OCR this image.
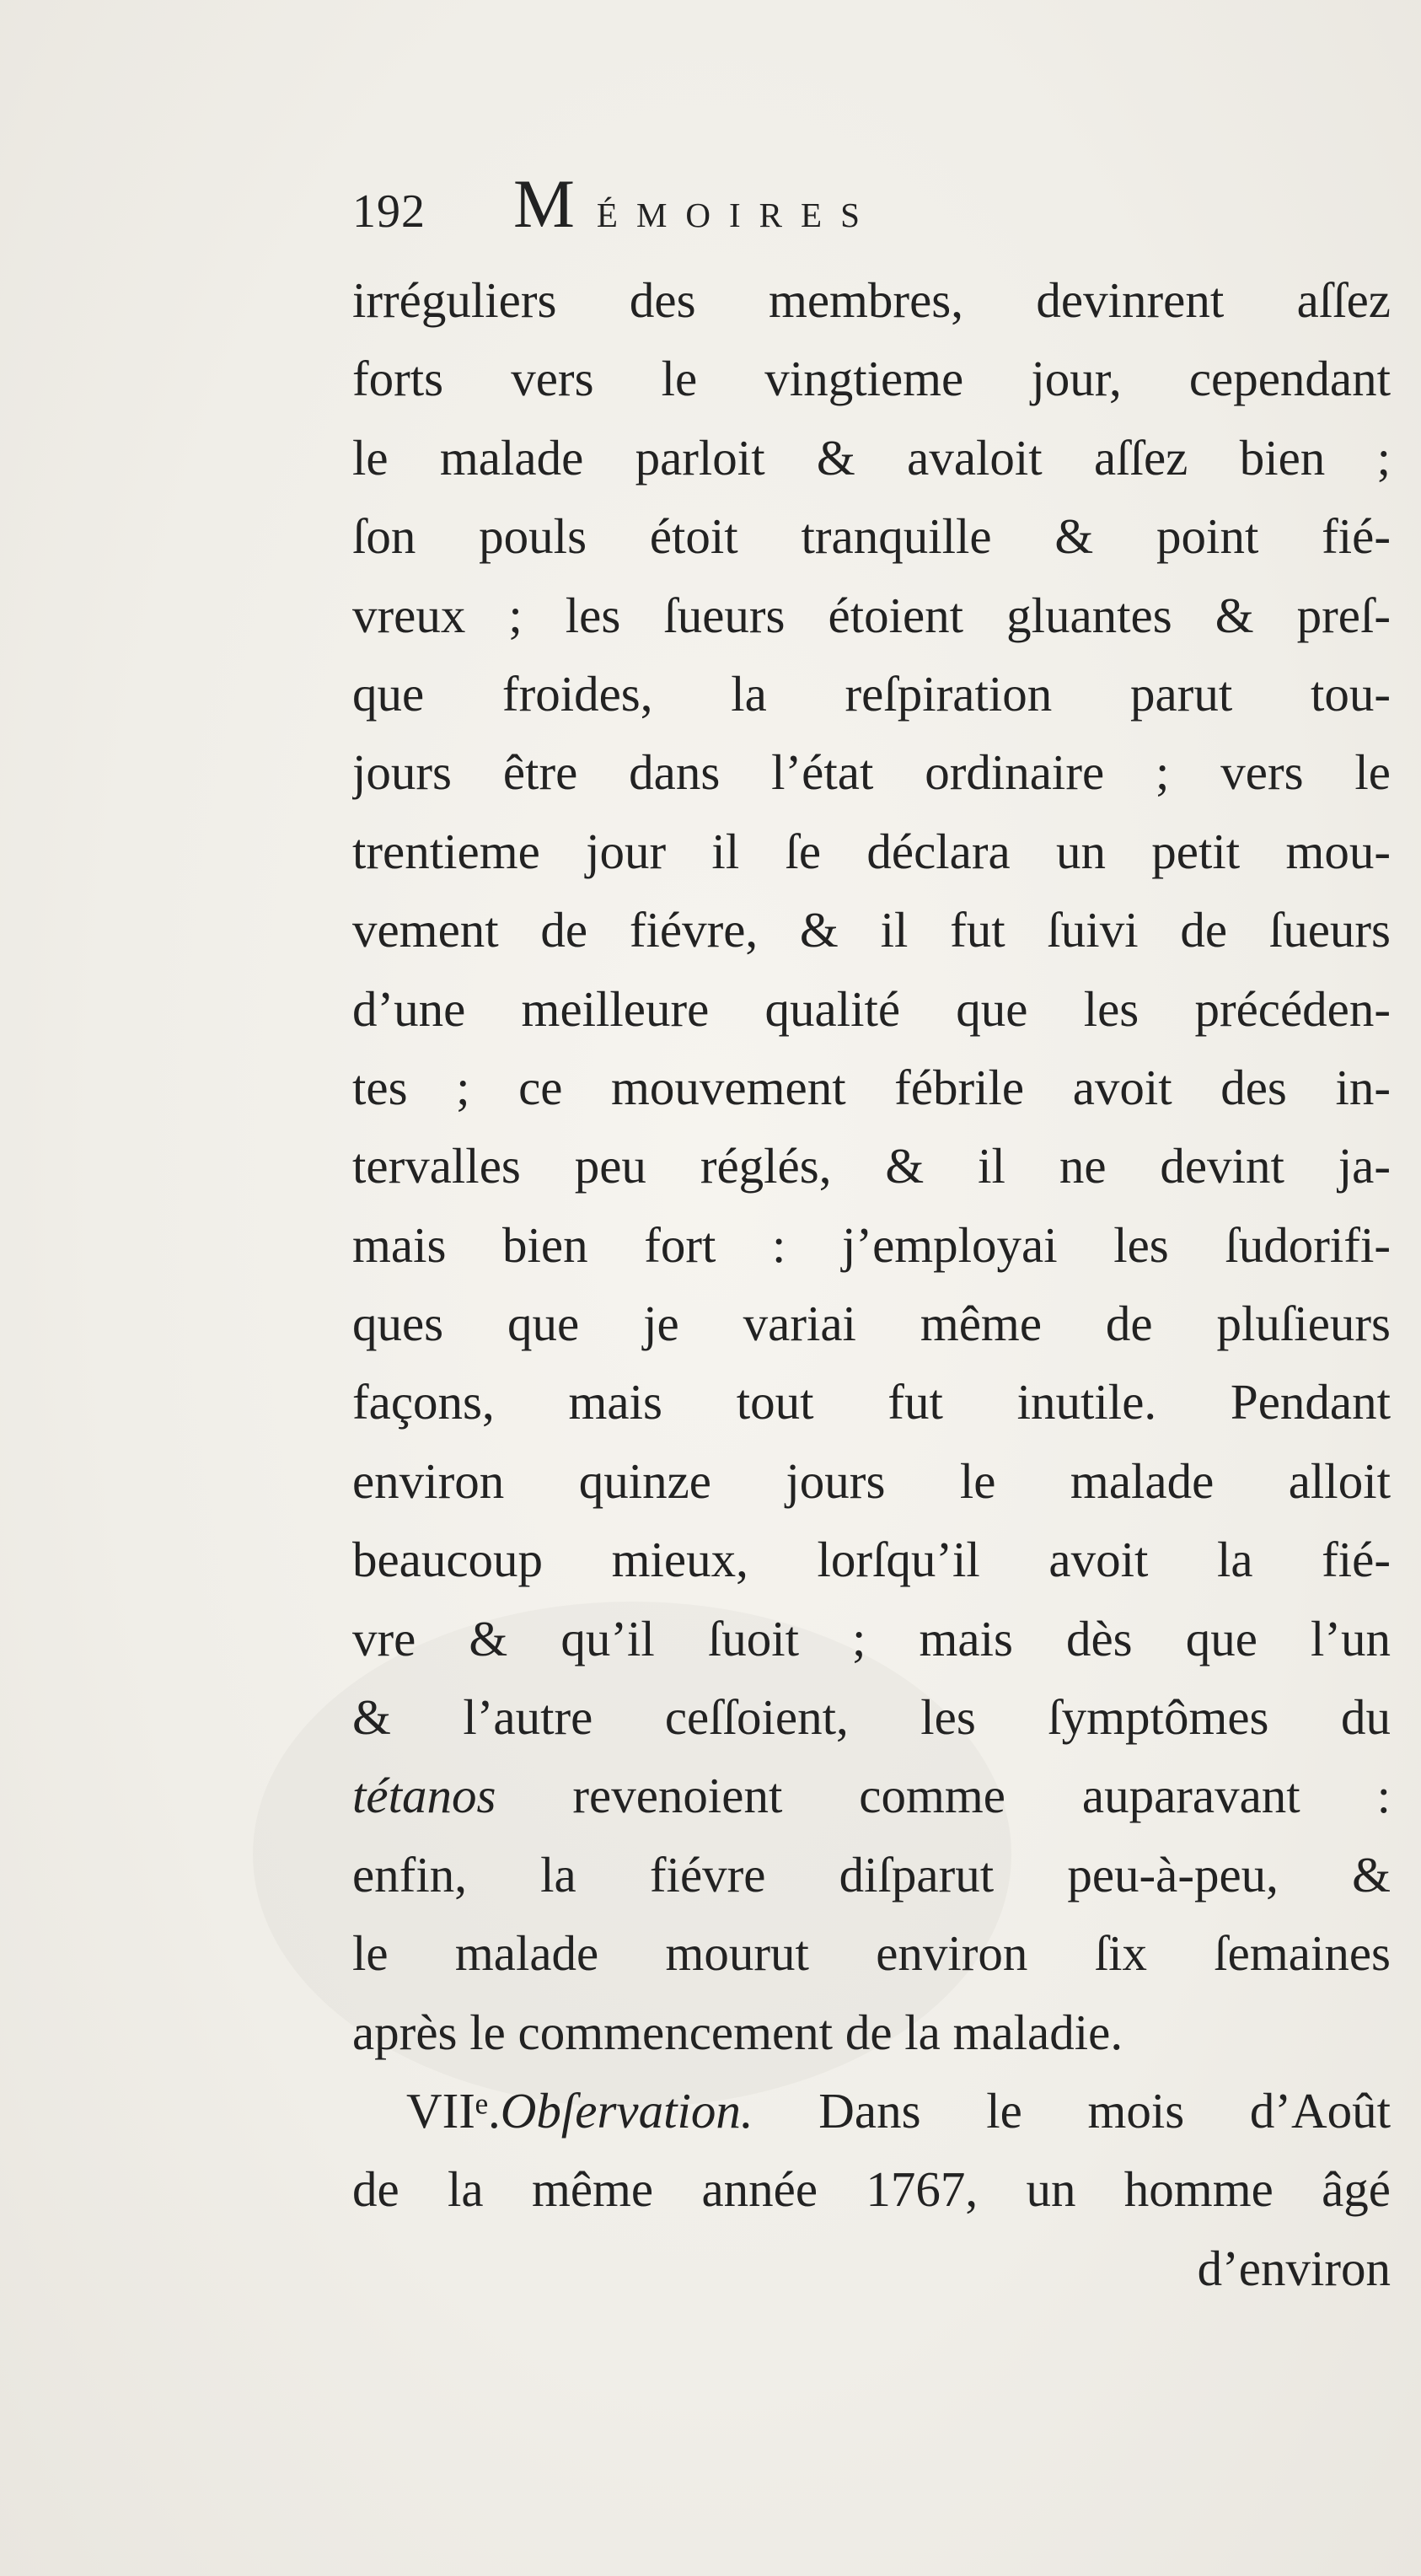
192 Mémoires
irréguliers des membres, devinrent aſſez
forts vers le vingtieme jour, cependant
le malade parloit & avaloit aſſez bien ;
ſon pouls étoit tranquille & point fié-
vreux ; les ſueurs étoient gluantes & preſ-
que froides, la reſpiration parut tou-
jours être dans l’état ordinaire ; vers le
trentieme jour il ſe déclara un petit mou-
vement de fiévre, & il fut ſuivi de ſueurs
d’une meilleure qualité que les précéden-
tes ; ce mouvement fébrile avoit des in-
tervalles peu réglés, & il ne devint ja-
mais bien fort : j’employai les ſudorifi-
ques que je variai même de pluſieurs
façons, mais tout fut inutile. Pendant
environ quinze jours le malade alloit
beaucoup mieux, lorſqu’il avoit la fié-
vre & qu’il ſuoit ; mais dès que l’un
& l’autre ceſſoient, les ſymptômes du
tétanos revenoient comme auparavant :
enfin, la fiévre diſparut peu-à-peu, &
le malade mourut environ ſix ſemaines
après le commencement de la maladie.
VIIᵉ.Obſervation. Dans le mois d’Août
de la même année 1767, un homme âgé
d’environ
